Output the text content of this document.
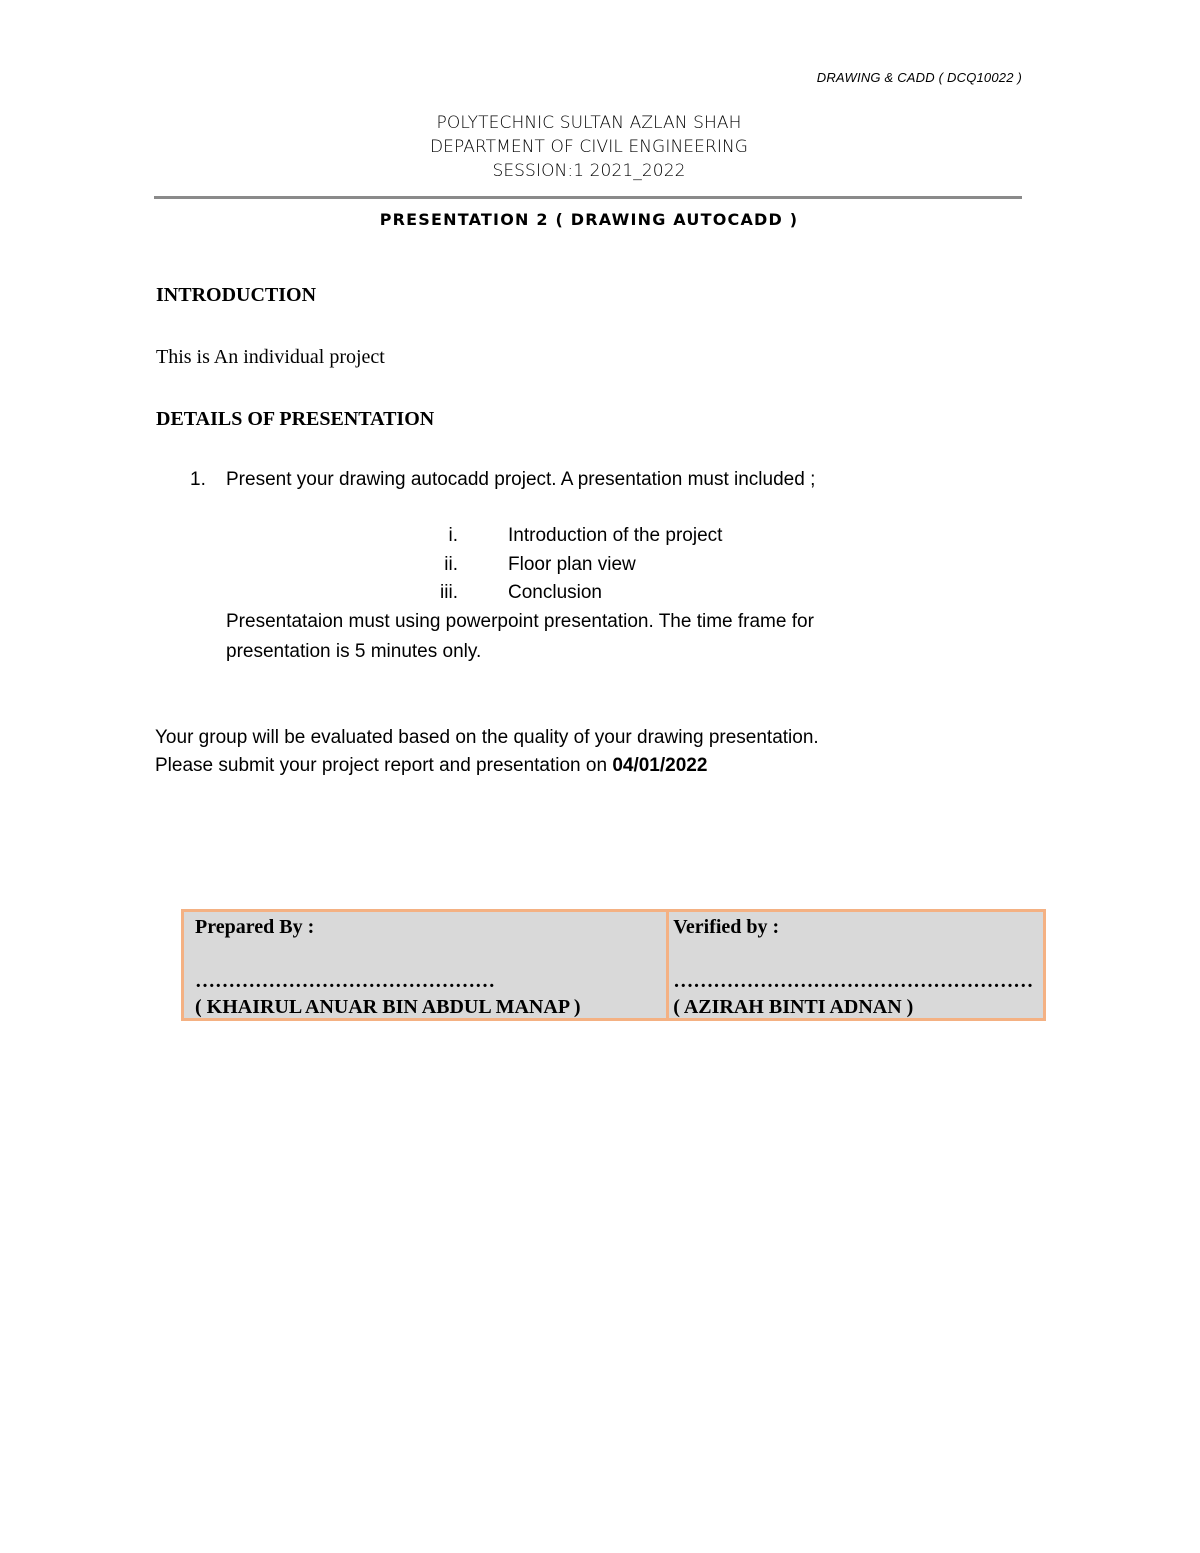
DRAWING & CADD ( DCQ10022 )
POLYTECHNIC SULTAN AZLAN SHAH
DEPARTMENT OF CIVIL ENGINEERING
SESSION:1 2021_2022
PRESENTATION 2 ( DRAWING AUTOCADD )
INTRODUCTION
This is An individual project
DETAILS OF PRESENTATION
1. Present your drawing autocadd project. A presentation must included ;
i.	Introduction of the project
ii.	Floor plan view
iii.	Conclusion
Presentataion must using powerpoint presentation. The time frame for
presentation is 5 minutes only.
Your group will be evaluated based on the quality of your drawing presentation.
Please submit your project report and presentation on 04/01/2022
Prepared By :
………………………………………
( KHAIRUL ANUAR BIN ABDUL MANAP )

Verified by :
………………………………………………
( AZIRAH BINTI ADNAN )
